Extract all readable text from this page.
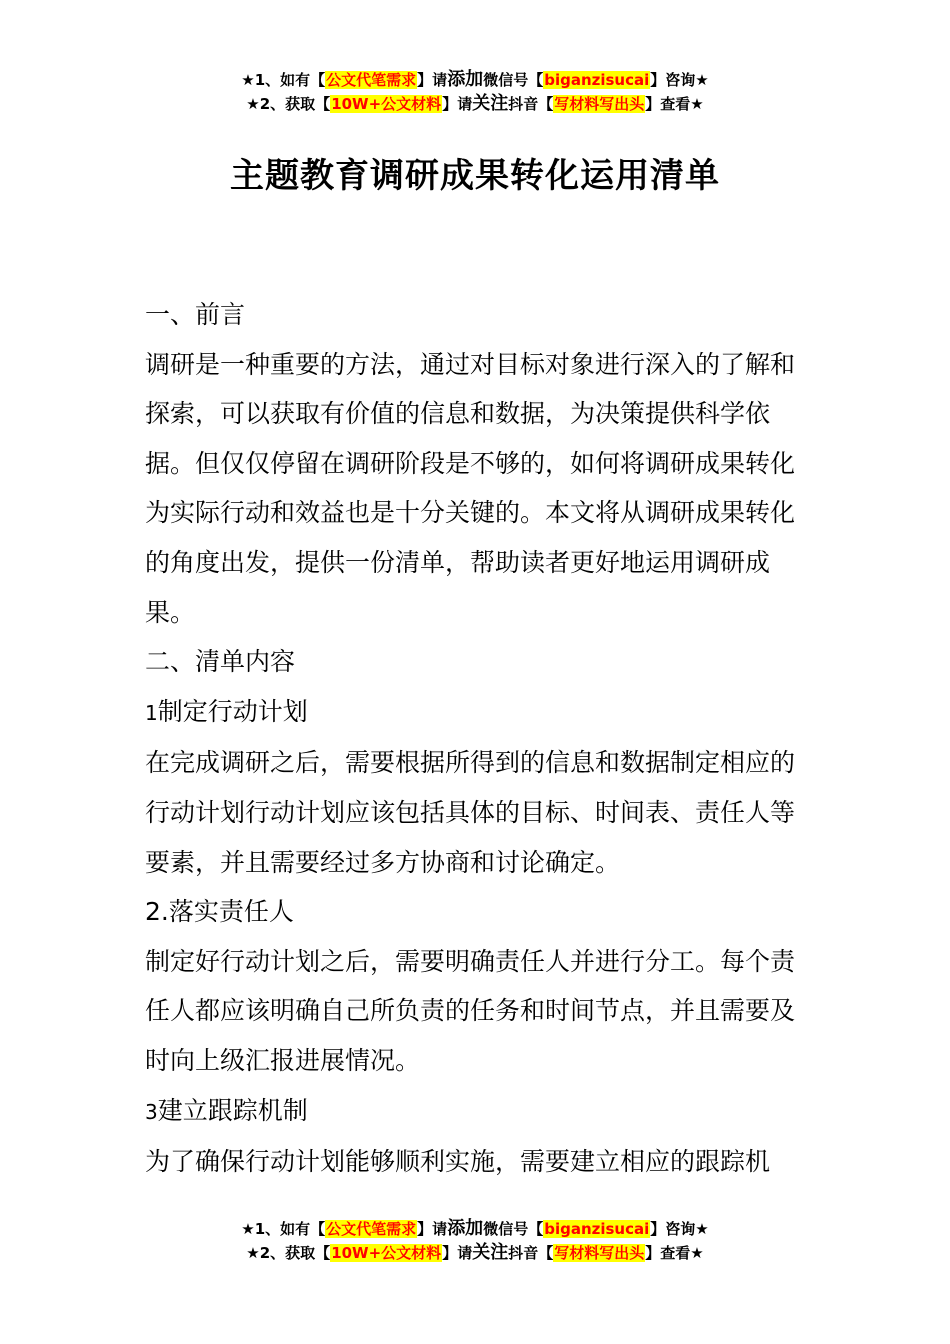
★1、如有【公文代笔需求】请添加微信号【biganzisucai】咨询★
★2、获取【10W+公文材料】请关注抖音【写材料写出头】查看★
主题教育调研成果转化运用清单

一、前言

调研是一种重要的方法，通过对目标对象进行深入的了解和探索，可以获取有价值的信息和数据，为决策提供科学依据。但仅仅停留在调研阶段是不够的，如何将调研成果转化为实际行动和效益也是十分关键的。本文将从调研成果转化的角度出发，提供一份清单，帮助读者更好地运用调研成果。

二、清单内容

1制定行动计划

在完成调研之后，需要根据所得到的信息和数据制定相应的行动计划行动计划应该包括具体的目标、时间表、责任人等要素，并且需要经过多方协商和讨论确定。

2.落实责任人

制定好行动计划之后，需要明确责任人并进行分工。每个责任人都应该明确自己所负责的任务和时间节点，并且需要及时向上级汇报进展情况。

3建立跟踪机制

为了确保行动计划能够顺利实施，需要建立相应的跟踪机

★1、如有【公文代笔需求】请添加微信号【biganzisucai】咨询★
★2、获取【10W+公文材料】请关注抖音【写材料写出头】查看★
